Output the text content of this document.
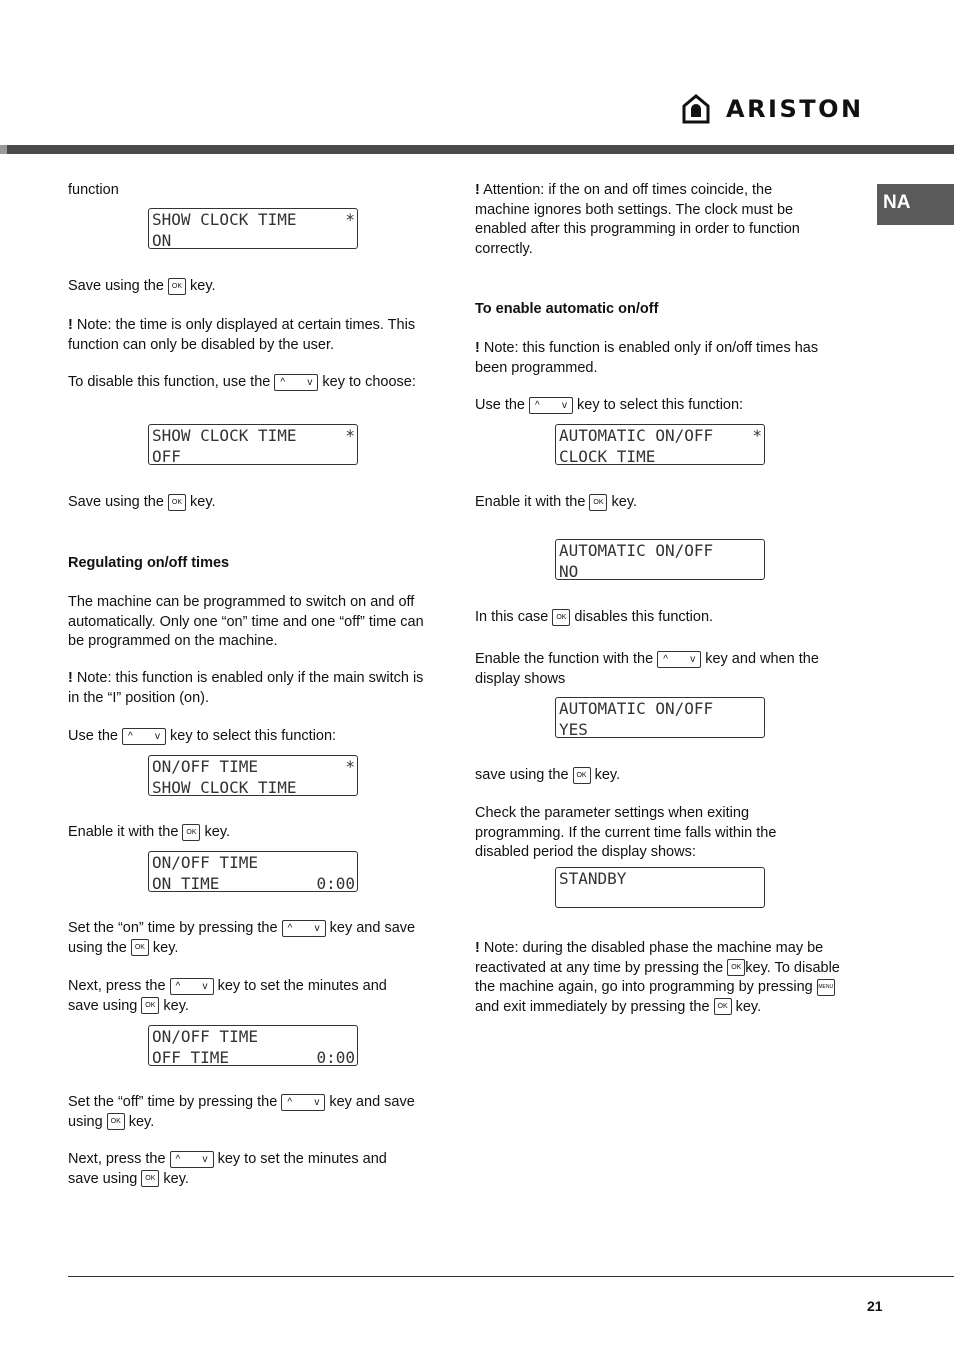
ARISTON
NA

function

SHOW CLOCK TIME	*
ON

Save using the OK key.

! Note: the time is only displayed at certain times. This function can only be disabled by the user.

To disable this function, use the ^ v key to choose:

SHOW CLOCK TIME	*
OFF

Save using the OK key.

Regulating on/off times

The machine can be programmed to switch on and off automatically. Only one “on” time and one “off” time can be programmed on the machine.

! Note: this function is enabled only if the main switch is in the “I” position (on).

Use the ^ v key to select this function:

ON/OFF TIME	*
SHOW CLOCK TIME

Enable it with the OK key.

ON/OFF TIME
ON TIME	0:00

Set the “on” time by pressing the ^ v key and save
using the OK key.

Next, press the ^ v key to set the minutes and
save using OK key.

ON/OFF TIME
OFF TIME	0:00

Set the “off” time by pressing the ^ v key and save
using OK key.

Next, press the ^ v key to set the minutes and
save using OK key.

! Attention: if the on and off times coincide, the machine ignores both settings. The clock must be enabled after this programming in order to function correctly.

To enable automatic on/off

! Note: this function is enabled only if on/off times has been programmed.

Use the ^ v key to select this function:

AUTOMATIC ON/OFF *
CLOCK TIME

Enable it with the OK key.

AUTOMATIC ON/OFF
NO

In this case OK disables this function.

Enable the function with the ^ v key and when the
display shows

AUTOMATIC ON/OFF
YES

save using the OK key.

Check the parameter settings when exiting programming. If the current time falls within the disabled period the display shows:

STANDBY

! Note: during the disabled phase the machine may be reactivated at any time by pressing the OK key. To disable the machine again, go into programming by pressing MENU and exit immediately by pressing the OK key.

21
